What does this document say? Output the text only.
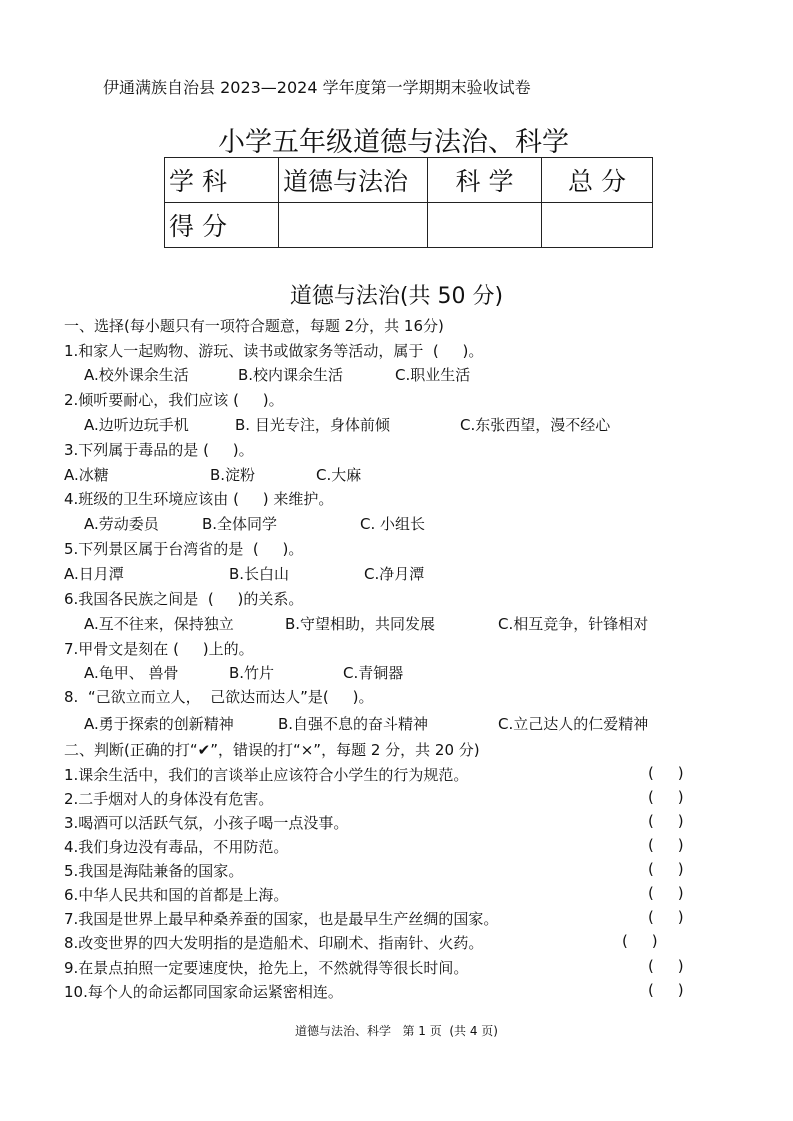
伊通满族自治县 2023—2024 学年度第一学期期末验收试卷
小学五年级道德与法治、科学
学 科	道德与法治	科 学	总 分
得 分			
道德与法治(共 50 分)
一、选择(每小题只有一项符合题意，每题 2分，共 16分)
1.和家人一起购物、游玩、读书或做家务等活动，属于  (     )。
A.校外课余生活	B.校内课余生活	C.职业生活
2.倾听要耐心，我们应该 (     )。
A.边听边玩手机	B. 目光专注，身体前倾	C.东张西望，漫不经心
3.下列属于毒品的是 (     )。
A.冰糖	B.淀粉	C.大麻
4.班级的卫生环境应该由 (     ) 来维护。
A.劳动委员	B.全体同学	C. 小组长
5.下列景区属于台湾省的是  (     )。
A.日月潭	B.长白山	C.净月潭
6.我国各民族之间是  (     )的关系。
A.互不往来，保持独立	B.守望相助，共同发展	C.相互竞争，针锋相对
7.甲骨文是刻在 (     )上的。
A.龟甲、 兽骨	B.竹片	C.青铜器
8.  “己欲立而立人，  己欲达而达人”是(     )。
A.勇于探索的创新精神	B.自强不息的奋斗精神	C.立己达人的仁爱精神
二、判断(正确的打“✔”，错误的打“×”，每题 2 分，共 20 分)
1.课余生活中，我们的言谈举止应该符合小学生的行为规范。	(     )
2.二手烟对人的身体没有危害。	(     )
3.喝酒可以活跃气氛，小孩子喝一点没事。	(     )
4.我们身边没有毒品，不用防范。	(     )
5.我国是海陆兼备的国家。	(     )
6.中华人民共和国的首都是上海。	(     )
7.我国是世界上最早种桑养蚕的国家，也是最早生产丝绸的国家。	(     )
8.改变世界的四大发明指的是造船术、印刷术、指南针、火药。	(     )
9.在景点拍照一定要速度快，抢先上，不然就得等很长时间。	(     )
10.每个人的命运都同国家命运紧密相连。	(     )
道德与法治、科学   第 1 页  (共 4 页)
